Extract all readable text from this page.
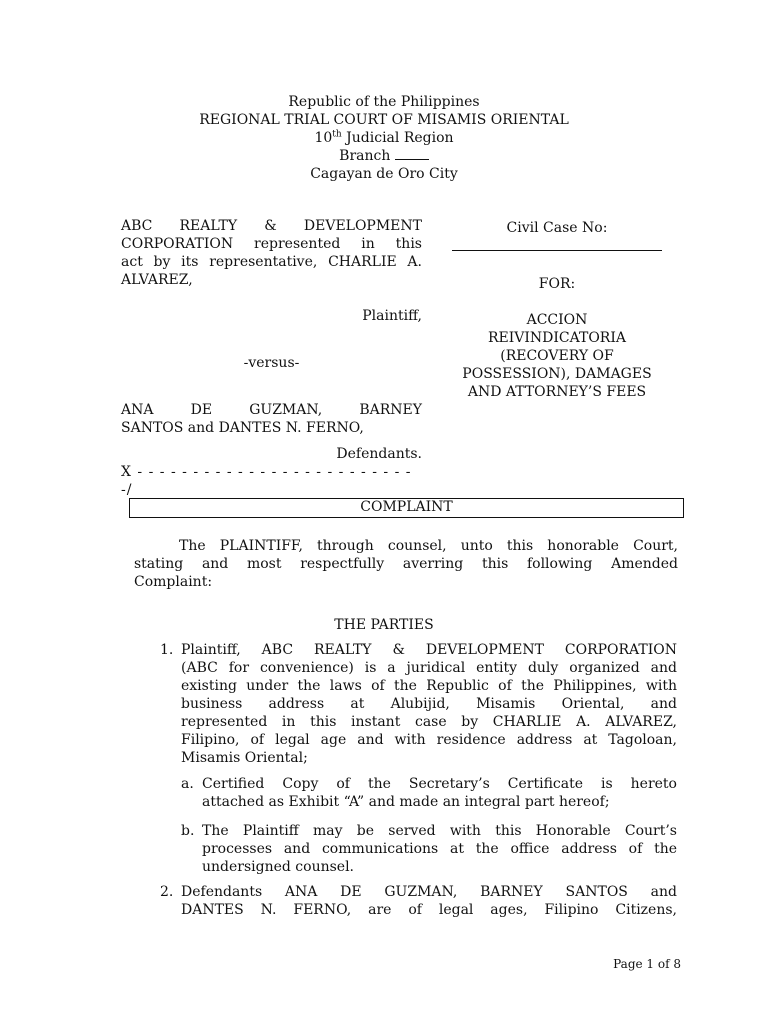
Republic of the Philippines
REGIONAL TRIAL COURT OF MISAMIS ORIENTAL
10th Judicial Region
Branch
Cagayan de Oro City
ABC REALTY & DEVELOPMENT
CORPORATION represented in this
act by its representative, CHARLIE A.
ALVAREZ,
Plaintiff,
-versus-
ANA DE GUZMAN, BARNEY
SANTOS and DANTES N. FERNO,
Defendants.
X - - - - - - - - - - - - - - - - - - - - - - - - - -/
Civil Case No:
FOR:
ACCION
REIVINDICATORIA
(RECOVERY OF
POSSESSION), DAMAGES
AND ATTORNEY’S FEES
COMPLAINT
The PLAINTIFF, through counsel, unto this honorable Court,
stating and most respectfully averring this following Amended
Complaint:
THE PARTIES
1. Plaintiff, ABC REALTY & DEVELOPMENT CORPORATION
(ABC for convenience) is a juridical entity duly organized and
existing under the laws of the Republic of the Philippines, with
business address at Alubijid, Misamis Oriental, and
represented in this instant case by CHARLIE A. ALVAREZ,
Filipino, of legal age and with residence address at Tagoloan,
Misamis Oriental;
a. Certified Copy of the Secretary’s Certificate is hereto
attached as Exhibit “A” and made an integral part hereof;
b. The Plaintiff may be served with this Honorable Court’s
processes and communications at the office address of the
undersigned counsel.
2. Defendants ANA DE GUZMAN, BARNEY SANTOS and
DANTES N. FERNO, are of legal ages, Filipino Citizens,
Page 1 of 8
